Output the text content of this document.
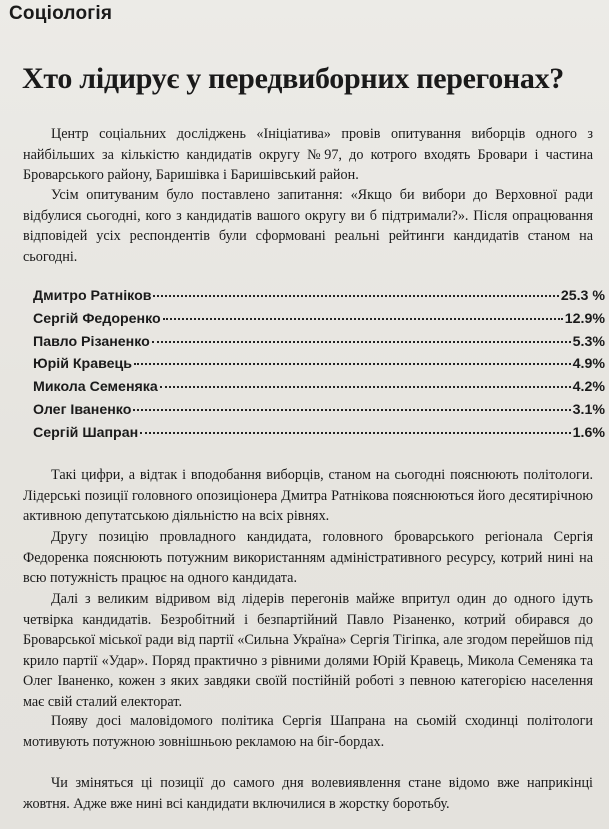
Соціологія
Хто лідирує у передвиборних перегонах?

Центр соціальних досліджень «Ініціатива» провів опитування виборців одного з найбільших за кількістю кандидатів округу №97, до котрого входять Бровари і частина Броварського району, Баришівка і Баришівський район.

Усім опитуваним було поставлено запитання: «Якщо би вибори до Верховної ради відбулися сьогодні, кого з кандидатів вашого округу ви б підтримали?». Після опрацювання відповідей усіх респондентів були сформовані реальні рейтинги кандидатів станом на сьогодні.

Дмитро Ратніков	25.3 %
Сергій Федоренко	12.9%
Павло Різаненко	5.3%
Юрій Кравець	4.9%
Микола Семеняка	4.2%
Олег Іваненко	3.1%
Сергій Шапран	1.6%

Такі цифри, а відтак і вподобання виборців, станом на сьогодні пояснюють політологи. Лідерські позиції головного опозиціонера Дмитра Ратнікова пояснюються його десятирічною активною депутатською діяльністю на всіх рівнях.

Другу позицію провладного кандидата, головного броварського регіонала Сергія Федоренка пояснюють потужним використанням адміністративного ресурсу, котрий нині на всю потужність працює на одного кандидата.

Далі з великим відривом від лідерів перегонів майже впритул один до одного ідуть четвірка кандидатів. Безробітний і безпартійний Павло Різаненко, котрий обирався до Броварської міської ради від партії «Сильна Україна» Сергія Тігіпка, але згодом перейшов під крило партії «Удар». Поряд практично з рівними долями Юрій Кравець, Микола Семеняка та Олег Іваненко, кожен з яких завдяки своїй постійній роботі з певною категорією населення має свій сталий електорат.

Появу досі маловідомого політика Сергія Шапрана на сьомій сходинці політологи мотивують потужною зовнішньою рекламою на біг-бордах.

Чи зміняться ці позиції до самого дня волевиявлення стане відомо вже наприкінці жовтня. Адже вже нині всі кандидати включилися в жорстку боротьбу.
